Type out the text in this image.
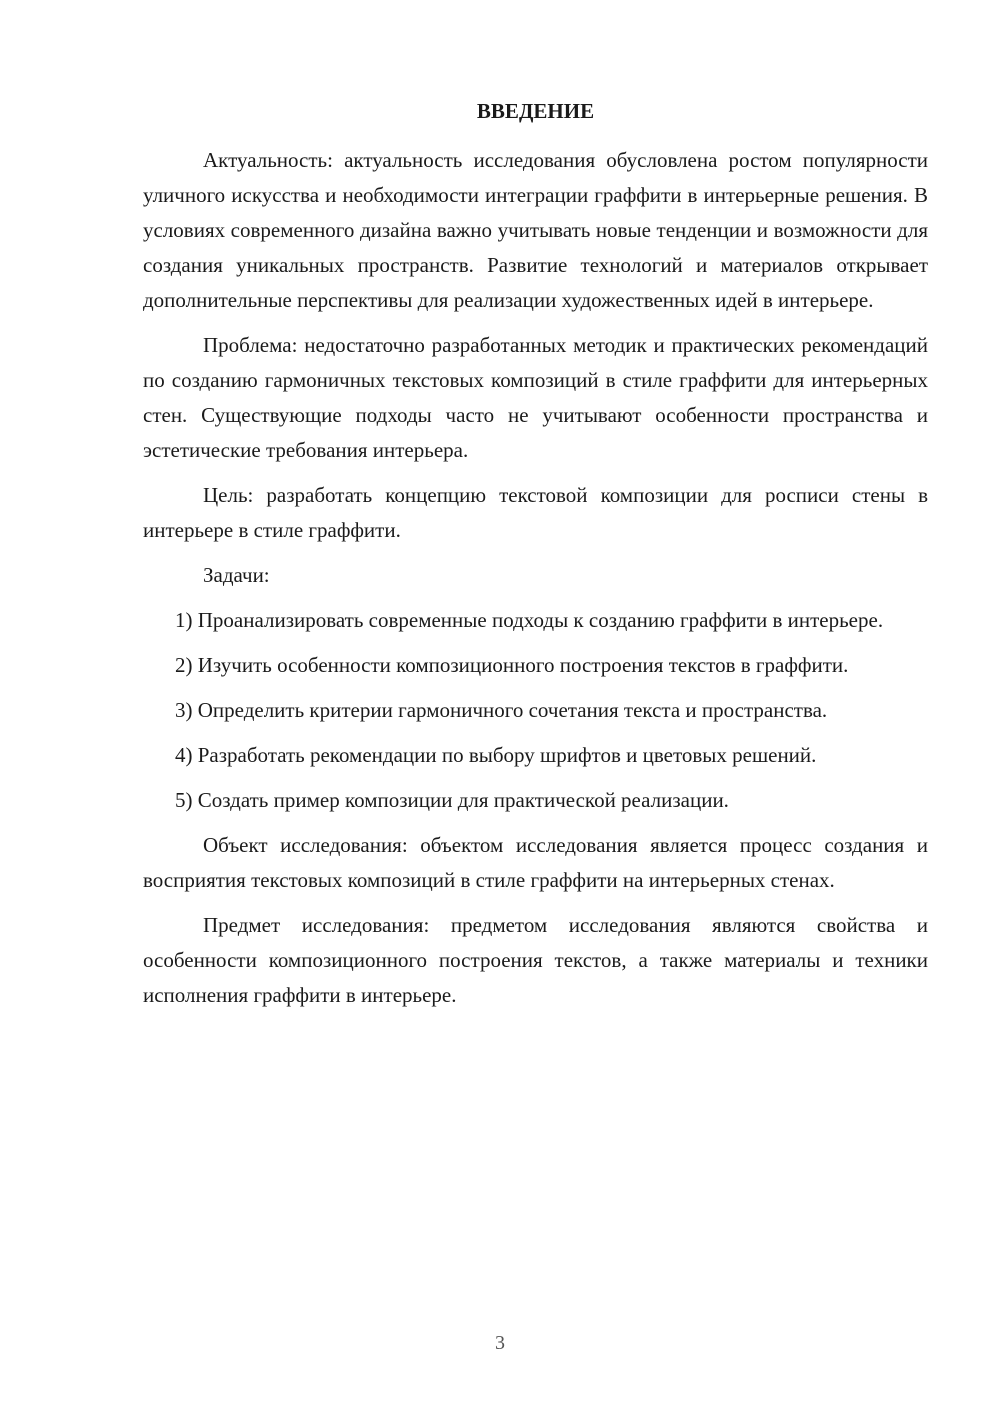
ВВЕДЕНИЕ

Актуальность: актуальность исследования обусловлена ростом популярности уличного искусства и необходимости интеграции граффити в интерьерные решения. В условиях современного дизайна важно учитывать новые тенденции и возможности для создания уникальных пространств. Развитие технологий и материалов открывает дополнительные перспективы для реализации художественных идей в интерьере.

Проблема: недостаточно разработанных методик и практических рекомендаций по созданию гармоничных текстовых композиций в стиле граффити для интерьерных стен. Существующие подходы часто не учитывают особенности пространства и эстетические требования интерьера.

Цель: разработать концепцию текстовой композиции для росписи стены в интерьере в стиле граффити.

Задачи:

1) Проанализировать современные подходы к созданию граффити в интерьере.

2) Изучить особенности композиционного построения текстов в граффити.

3) Определить критерии гармоничного сочетания текста и пространства.

4) Разработать рекомендации по выбору шрифтов и цветовых решений.

5) Создать пример композиции для практической реализации.

Объект исследования: объектом исследования является процесс создания и восприятия текстовых композиций в стиле граффити на интерьерных стенах.

Предмет исследования: предметом исследования являются свойства и особенности композиционного построения текстов, а также материалы и техники исполнения граффити в интерьере.

3
